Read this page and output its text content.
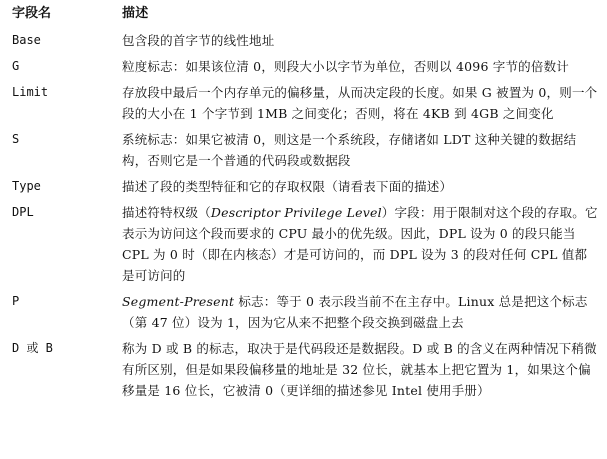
字段名	描述
Base	包含段的首字节的线性地址
G	粒度标志：如果该位清 0，则段大小以字节为单位，否则以 4096 字节的倍数计
Limit	存放段中最后一个内存单元的偏移量，从而决定段的长度。如果 G 被置为 0，则一个段的大小在 1 个字节到 1MB 之间变化；否则，将在 4KB 到 4GB 之间变化
S	系统标志：如果它被清 0，则这是一个系统段，存储诸如 LDT 这种关键的数据结构，否则它是一个普通的代码段或数据段
Type	描述了段的类型特征和它的存取权限（请看表下面的描述）
DPL	描述符特权级（Descriptor Privilege Level）字段：用于限制对这个段的存取。它表示为访问这个段而要求的 CPU 最小的优先级。因此，DPL 设为 0 的段只能当 CPL 为 0 时（即在内核态）才是可访问的，而 DPL 设为 3 的段对任何 CPL 值都是可访问的
P	Segment-Present 标志：等于 0 表示段当前不在主存中。Linux 总是把这个标志（第 47 位）设为 1，因为它从来不把整个段交换到磁盘上去
D 或 B	称为 D 或 B 的标志，取决于是代码段还是数据段。D 或 B 的含义在两种情况下稍微有所区别，但是如果段偏移量的地址是 32 位长，就基本上把它置为 1，如果这个偏移量是 16 位长，它被清 0（更详细的描述参见 Intel 使用手册）
